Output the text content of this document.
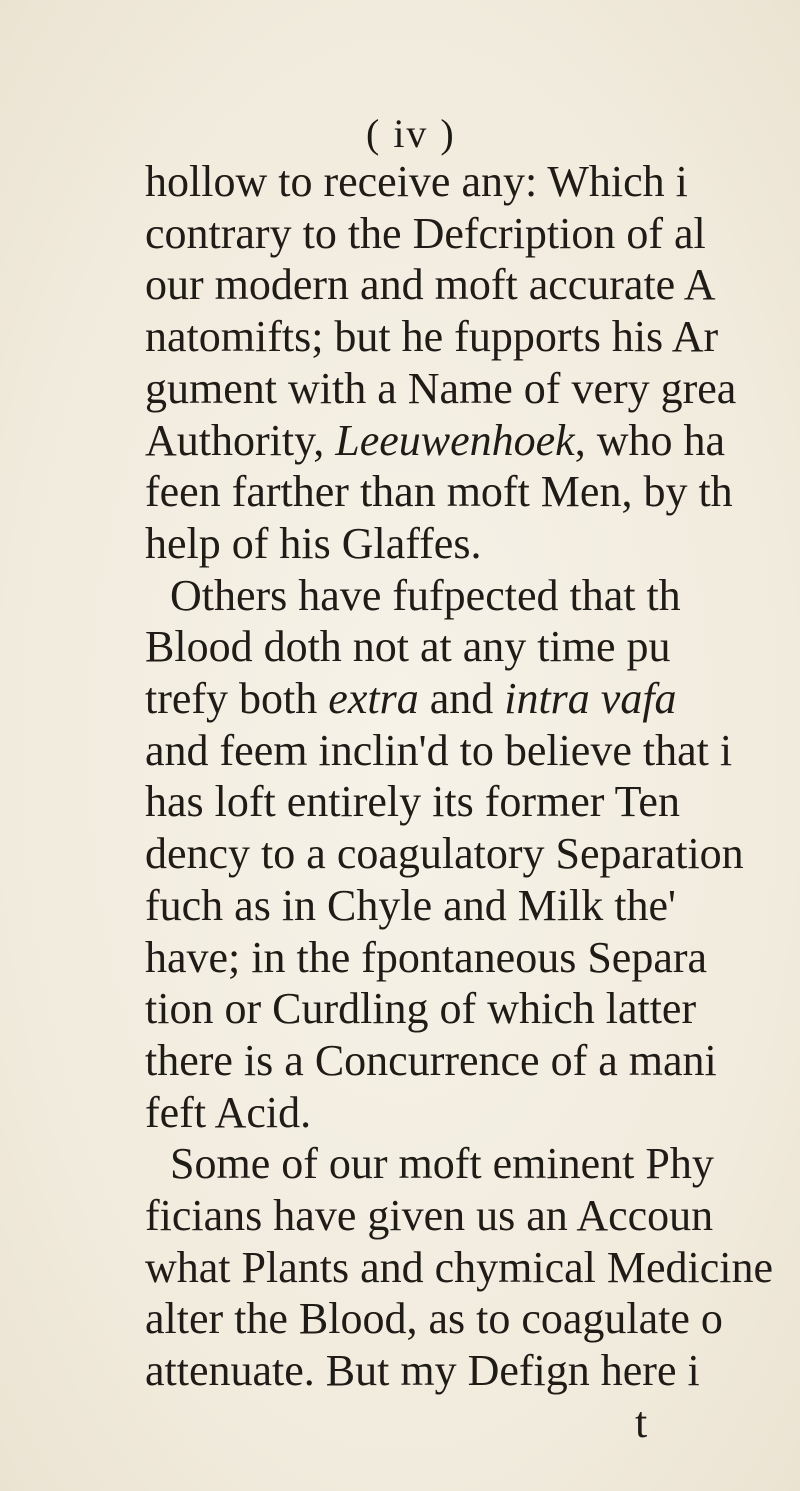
( iv )
hollow to receive any: Which i
contrary to the Defcription of al
our modern and moft accurate A
natomifts; but he fupports his Ar
gument with a Name of very grea
Authority, Leeuwenhoek, who ha
feen farther than moft Men, by th
help of his Glaffes.
Others have fufpected that th
Blood doth not at any time pu
trefy both extra and intra vafa
and feem inclin'd to believe that i
has loft entirely its former Ten
dency to a coagulatory Separation
fuch as in Chyle and Milk the'
have; in the fpontaneous Separa
tion or Curdling of which latter
there is a Concurrence of a mani
feft Acid.
Some of our moft eminent Phy
ficians have given us an Accoun
what Plants and chymical Medicine
alter the Blood, as to coagulate o
attenuate. But my Defign here i
t
